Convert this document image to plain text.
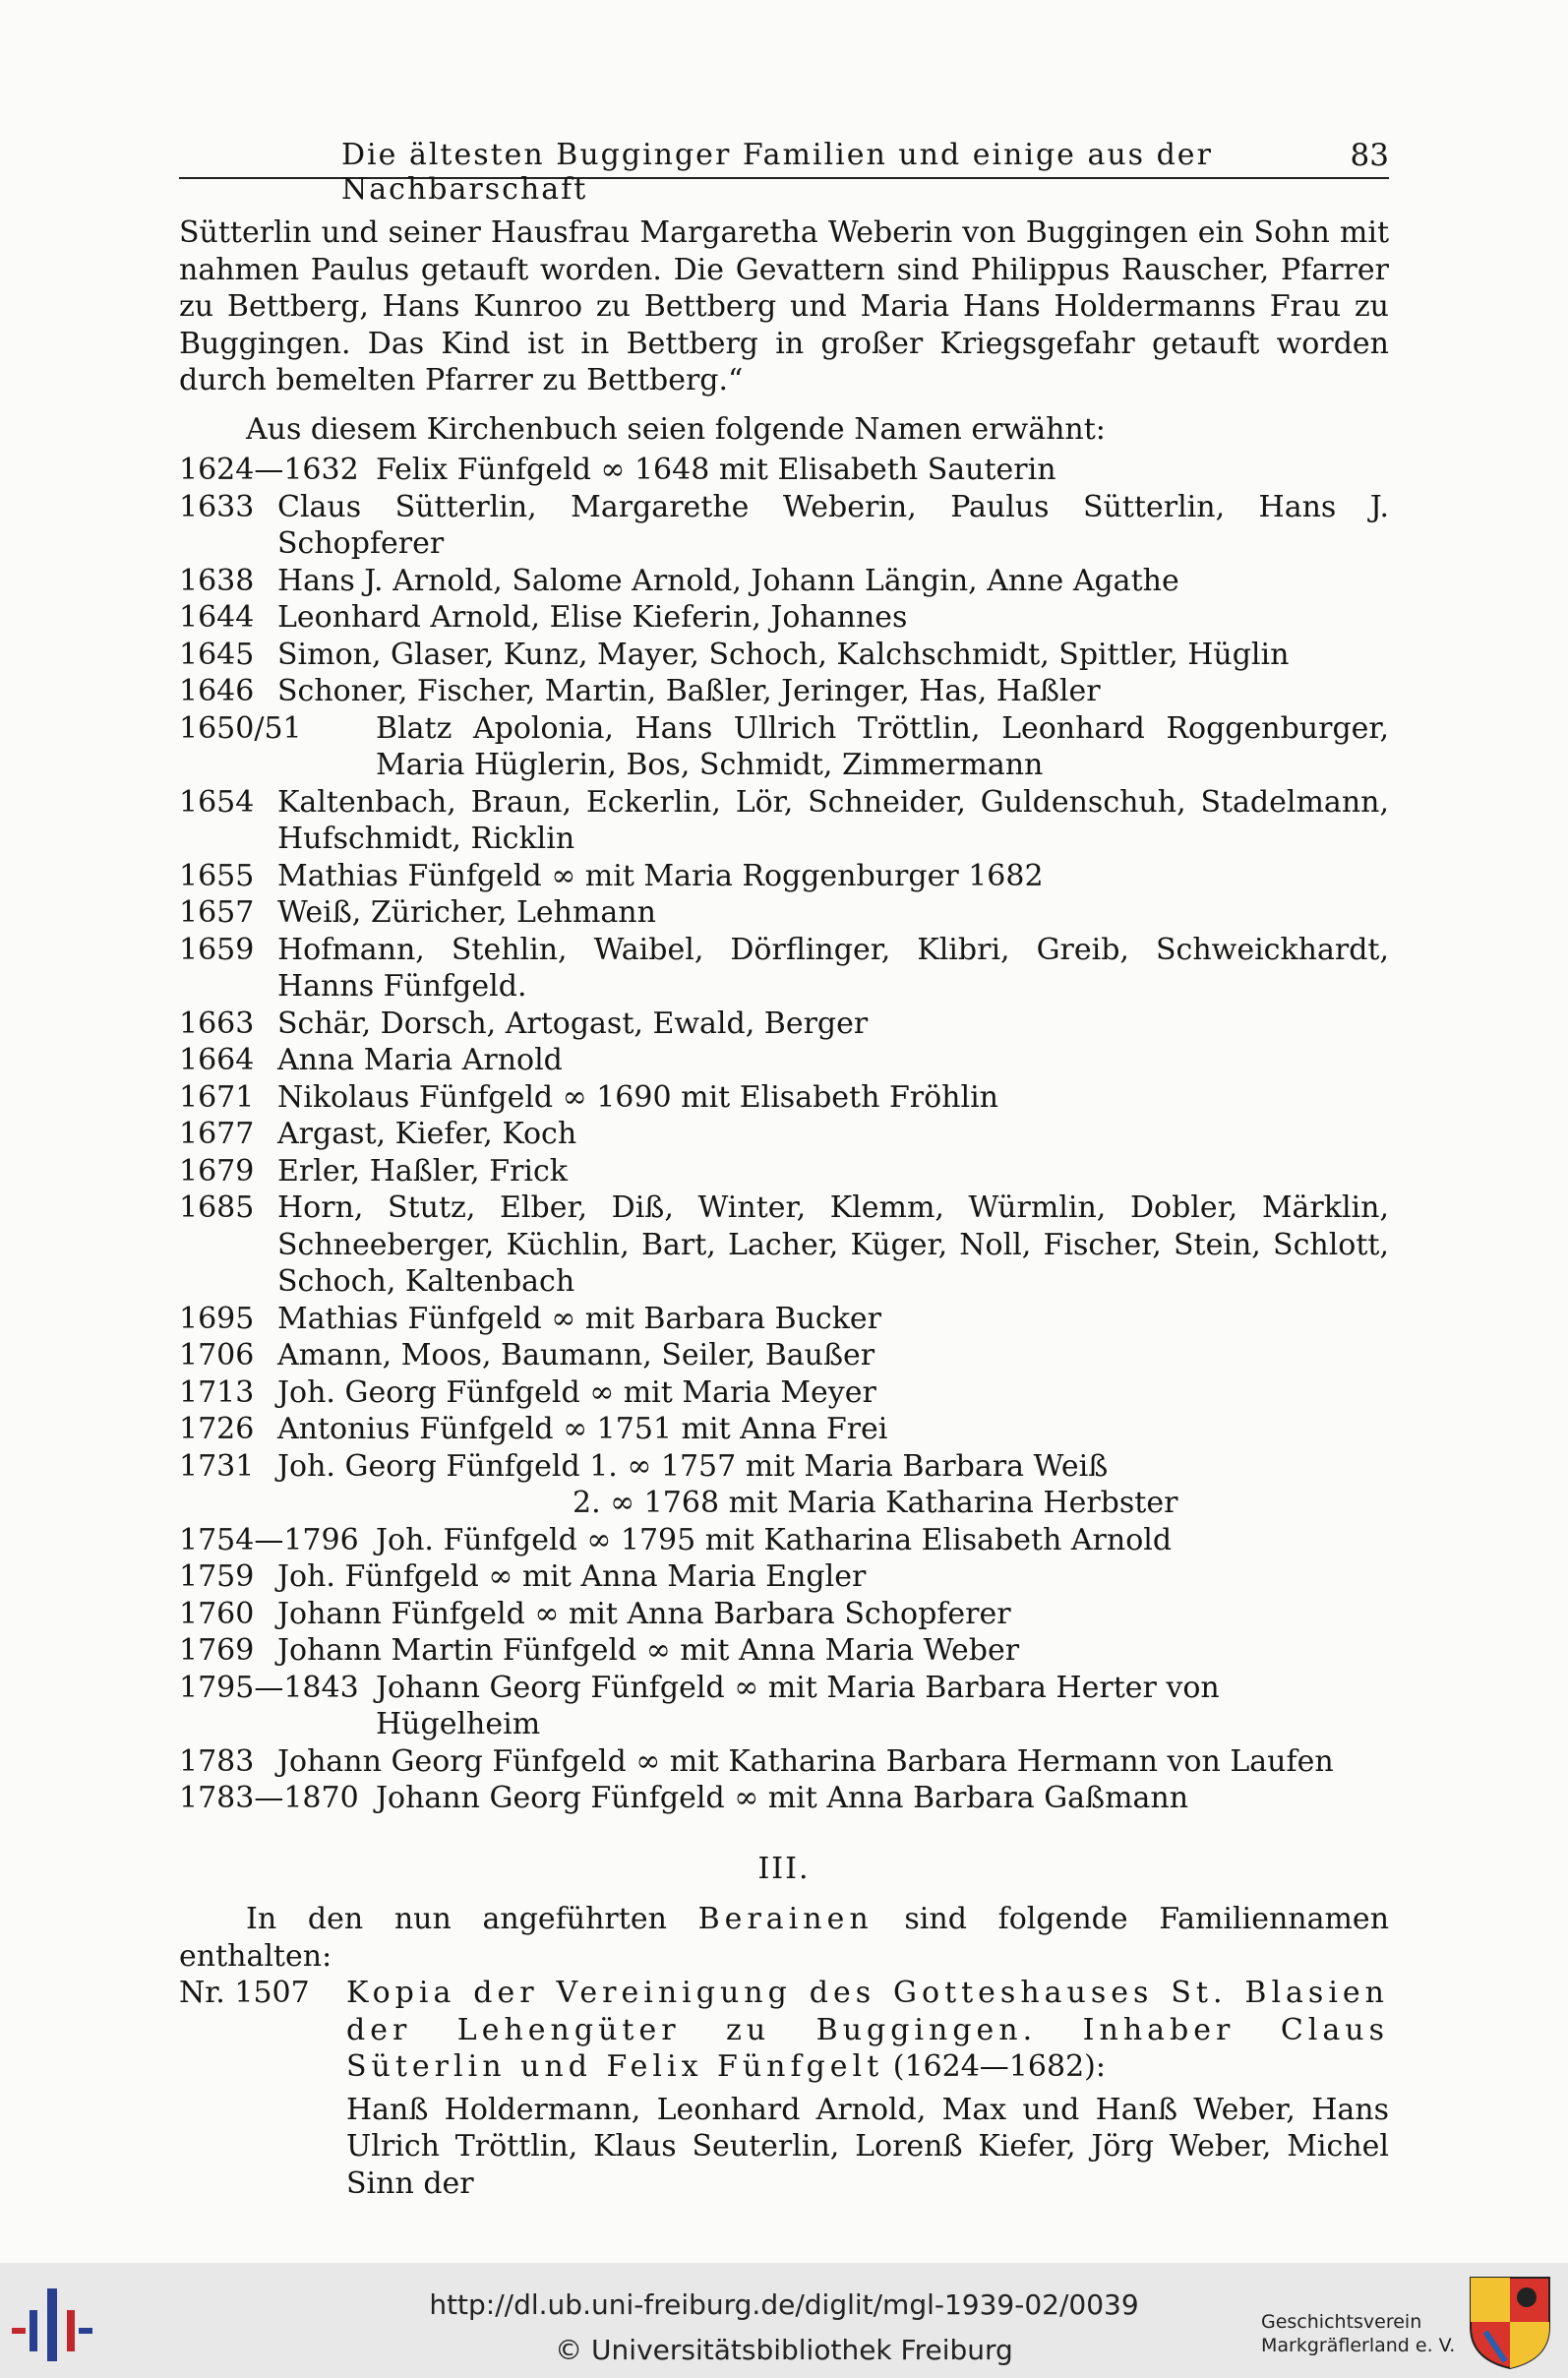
Die ältesten Bugginger Familien und einige aus der Nachbarschaft
83

Sütterlin und seiner Hausfrau Margaretha Weberin von Buggingen ein Sohn mit nahmen Paulus getauft worden. Die Gevattern sind Philippus Rauscher, Pfarrer zu Bettberg, Hans Kunroo zu Bettberg und Maria Hans Holdermanns Frau zu Buggingen. Das Kind ist in Bettberg in großer Kriegsgefahr getauft worden durch bemelten Pfarrer zu Bettberg.“

Aus diesem Kirchenbuch seien folgende Namen erwähnt:

1624—1632 Felix Fünfgeld ∞ 1648 mit Elisabeth Sauterin
1633 Claus Sütterlin, Margarethe Weberin, Paulus Sütterlin, Hans J. Schopferer
1638 Hans J. Arnold, Salome Arnold, Johann Längin, Anne Agathe
1644 Leonhard Arnold, Elise Kieferin, Johannes
1645 Simon, Glaser, Kunz, Mayer, Schoch, Kalchschmidt, Spittler, Hüglin
1646 Schoner, Fischer, Martin, Baßler, Jeringer, Has, Haßler
1650/51	Blatz Apolonia, Hans Ullrich Tröttlin, Leonhard Roggenburger, Maria Hüglerin, Bos, Schmidt, Zimmermann
1654 Kaltenbach, Braun, Eckerlin, Lör, Schneider, Guldenschuh, Stadelmann, Hufschmidt, Ricklin
1655 Mathias Fünfgeld ∞ mit Maria Roggenburger 1682
1657 Weiß, Züricher, Lehmann
1659 Hofmann, Stehlin, Waibel, Dörflinger, Klibri, Greib, Schweickhardt, Hanns Fünfgeld.
1663 Schär, Dorsch, Artogast, Ewald, Berger
1664 Anna Maria Arnold
1671 Nikolaus Fünfgeld ∞ 1690 mit Elisabeth Fröhlin
1677 Argast, Kiefer, Koch
1679 Erler, Haßler, Frick
1685 Horn, Stutz, Elber, Diß, Winter, Klemm, Würmlin, Dobler, Märklin, Schneeberger, Küchlin, Bart, Lacher, Küger, Noll, Fischer, Stein, Schlott, Schoch, Kaltenbach
1695 Mathias Fünfgeld ∞ mit Barbara Bucker
1706 Amann, Moos, Baumann, Seiler, Baußer
1713 Joh. Georg Fünfgeld ∞ mit Maria Meyer
1726 Antonius Fünfgeld ∞ 1751 mit Anna Frei
1731 Joh. Georg Fünfgeld 1. ∞ 1757 mit Maria Barbara Weiß
2. ∞ 1768 mit Maria Katharina Herbster
1754—1796 Joh. Fünfgeld ∞ 1795 mit Katharina Elisabeth Arnold
1759 Joh. Fünfgeld ∞ mit Anna Maria Engler
1760 Johann Fünfgeld ∞ mit Anna Barbara Schopferer
1769 Johann Martin Fünfgeld ∞ mit Anna Maria Weber
1795—1843 Johann Georg Fünfgeld ∞ mit Maria Barbara Herter von Hügelheim
1783 Johann Georg Fünfgeld ∞ mit Katharina Barbara Hermann von Laufen
1783—1870 Johann Georg Fünfgeld ∞ mit Anna Barbara Gaßmann
III.

In den nun angeführten Berainen sind folgende Familiennamen enthalten:

Nr. 1507	Kopia der Vereinigung des Gotteshauses St. Blasien der Lehengüter zu Buggingen. Inhaber Claus Süterlin und Felix Fünfgelt (1624—1682):
Hanß Holdermann, Leonhard Arnold, Max und Hanß Weber, Hans Ulrich Tröttlin, Klaus Seuterlin, Lorenß Kiefer, Jörg Weber, Michel Sinn der
http://dl.ub.uni-freiburg.de/diglit/mgl-1939-02/0039
© Universitätsbibliothek Freiburg
Geschichtsverein
Markgräflerland e. V.
